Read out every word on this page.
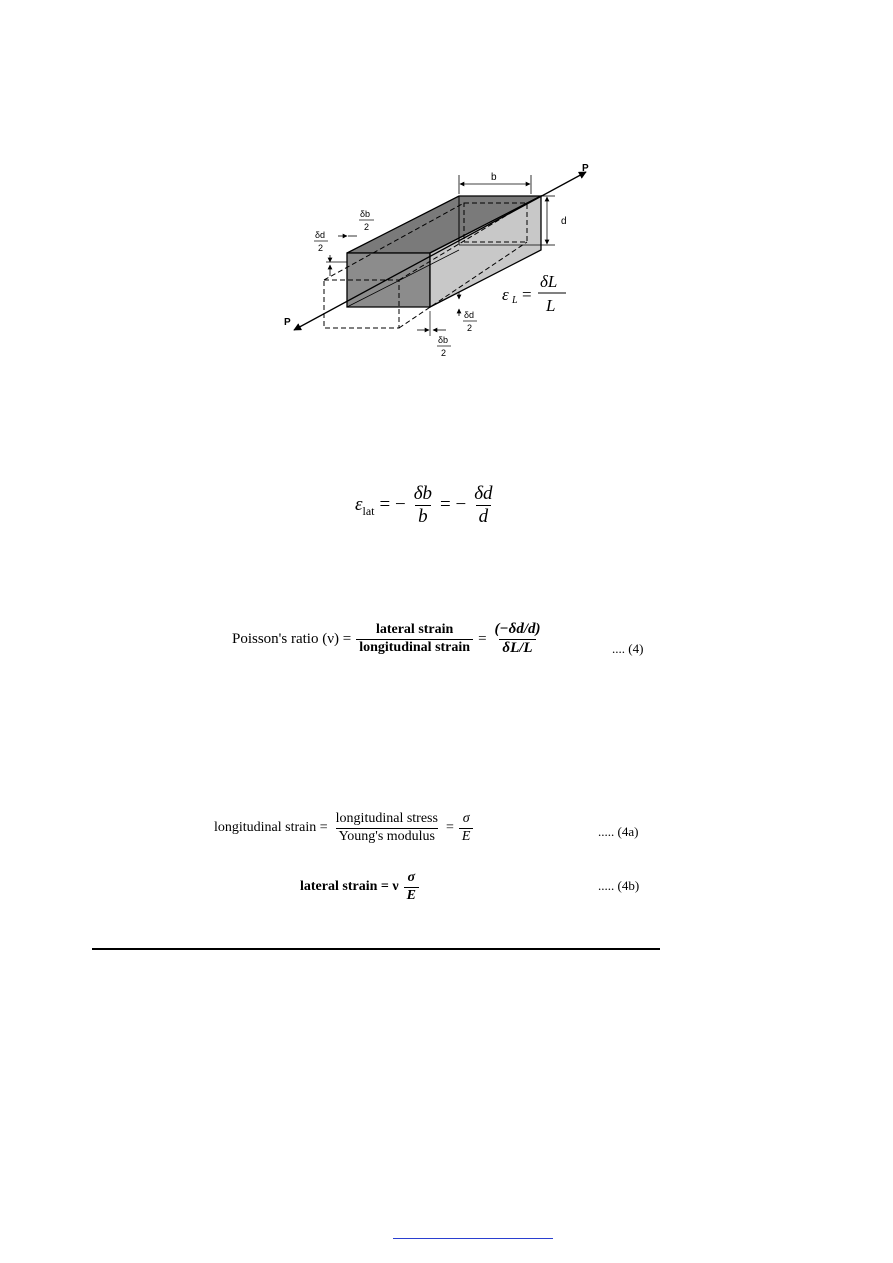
P
P
b
d
δb
2
δd
2
δd
2
δb
2
ε L =
δL
L
$\varepsilon_{lat}$ = − $\frac{\delta b}{b}$ = − $\frac{\delta d}{d}$
Poisson's ratio $(\nu) = \frac{\text{lateral strain}}{\text{longitudinal strain}} = \frac{(-\delta d/d)}{\delta L/L}$	.... (4)
longitudinal strain = $\frac{\text{longitudinal stress}}{\text{Young's modulus}} = \frac{\sigma}{E}$	..... (4a)
lateral strain = ν $\frac{\sigma}{E}$	..... (4b)
